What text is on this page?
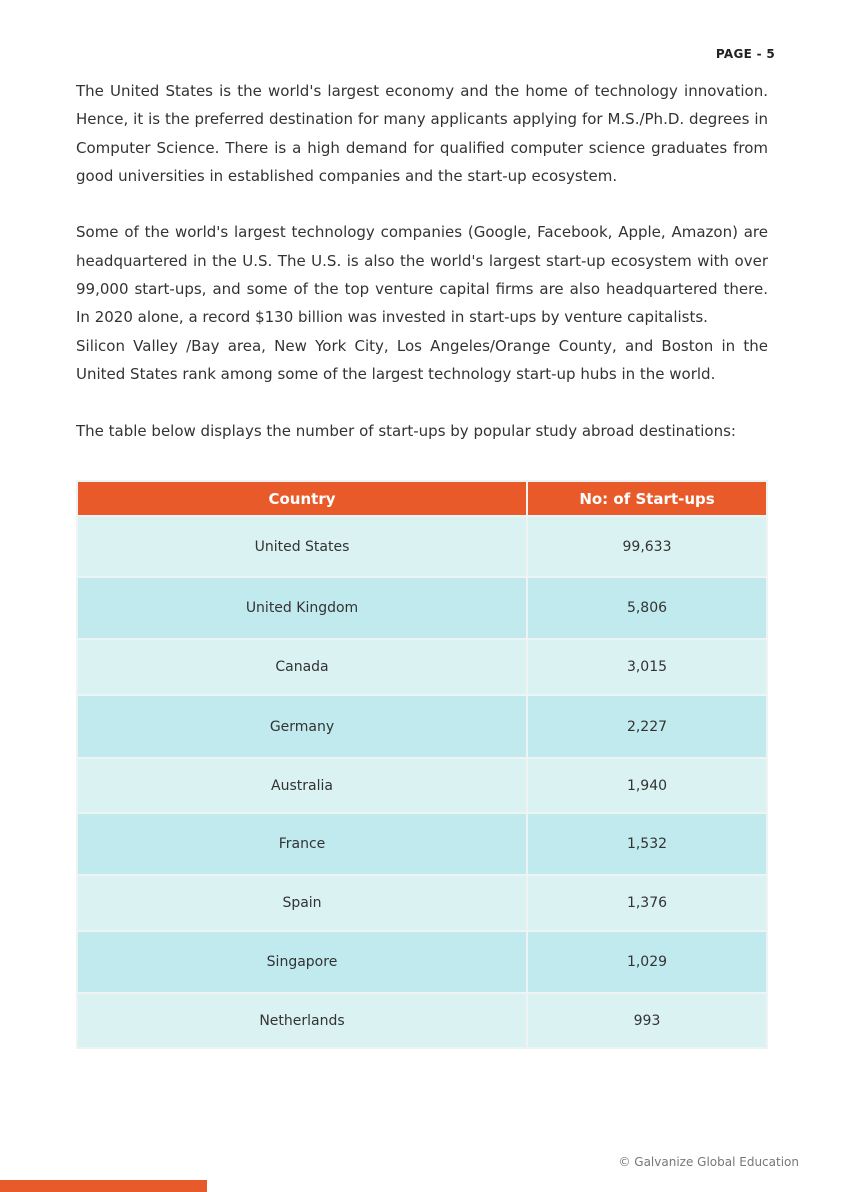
PAGE - 5

The United States is the world's largest economy and the home of technology innovation. Hence, it is the preferred destination for many applicants applying for M.S./Ph.D. degrees in Computer Science. There is a high demand for qualified computer science graduates from good universities in established companies and the start-up ecosystem.

Some of the world's largest technology companies (Google, Facebook, Apple, Amazon) are headquartered in the U.S. The U.S. is also the world's largest start-up ecosystem with over 99,000 start-ups, and some of the top venture capital firms are also headquartered there. In 2020 alone, a record $130 billion was invested in start-ups by venture capitalists.

Silicon Valley /Bay area, New York City, Los Angeles/Orange County, and Boston in the United States rank among some of the largest technology start-up hubs in the world.

The table below displays the number of start-ups by popular study abroad destinations:

Country	No: of Start-ups
United States	99,633
United Kingdom	5,806
Canada	3,015
Germany	2,227
Australia	1,940
France	1,532
Spain	1,376
Singapore	1,029
Netherlands	993
© Galvanize Global Education
